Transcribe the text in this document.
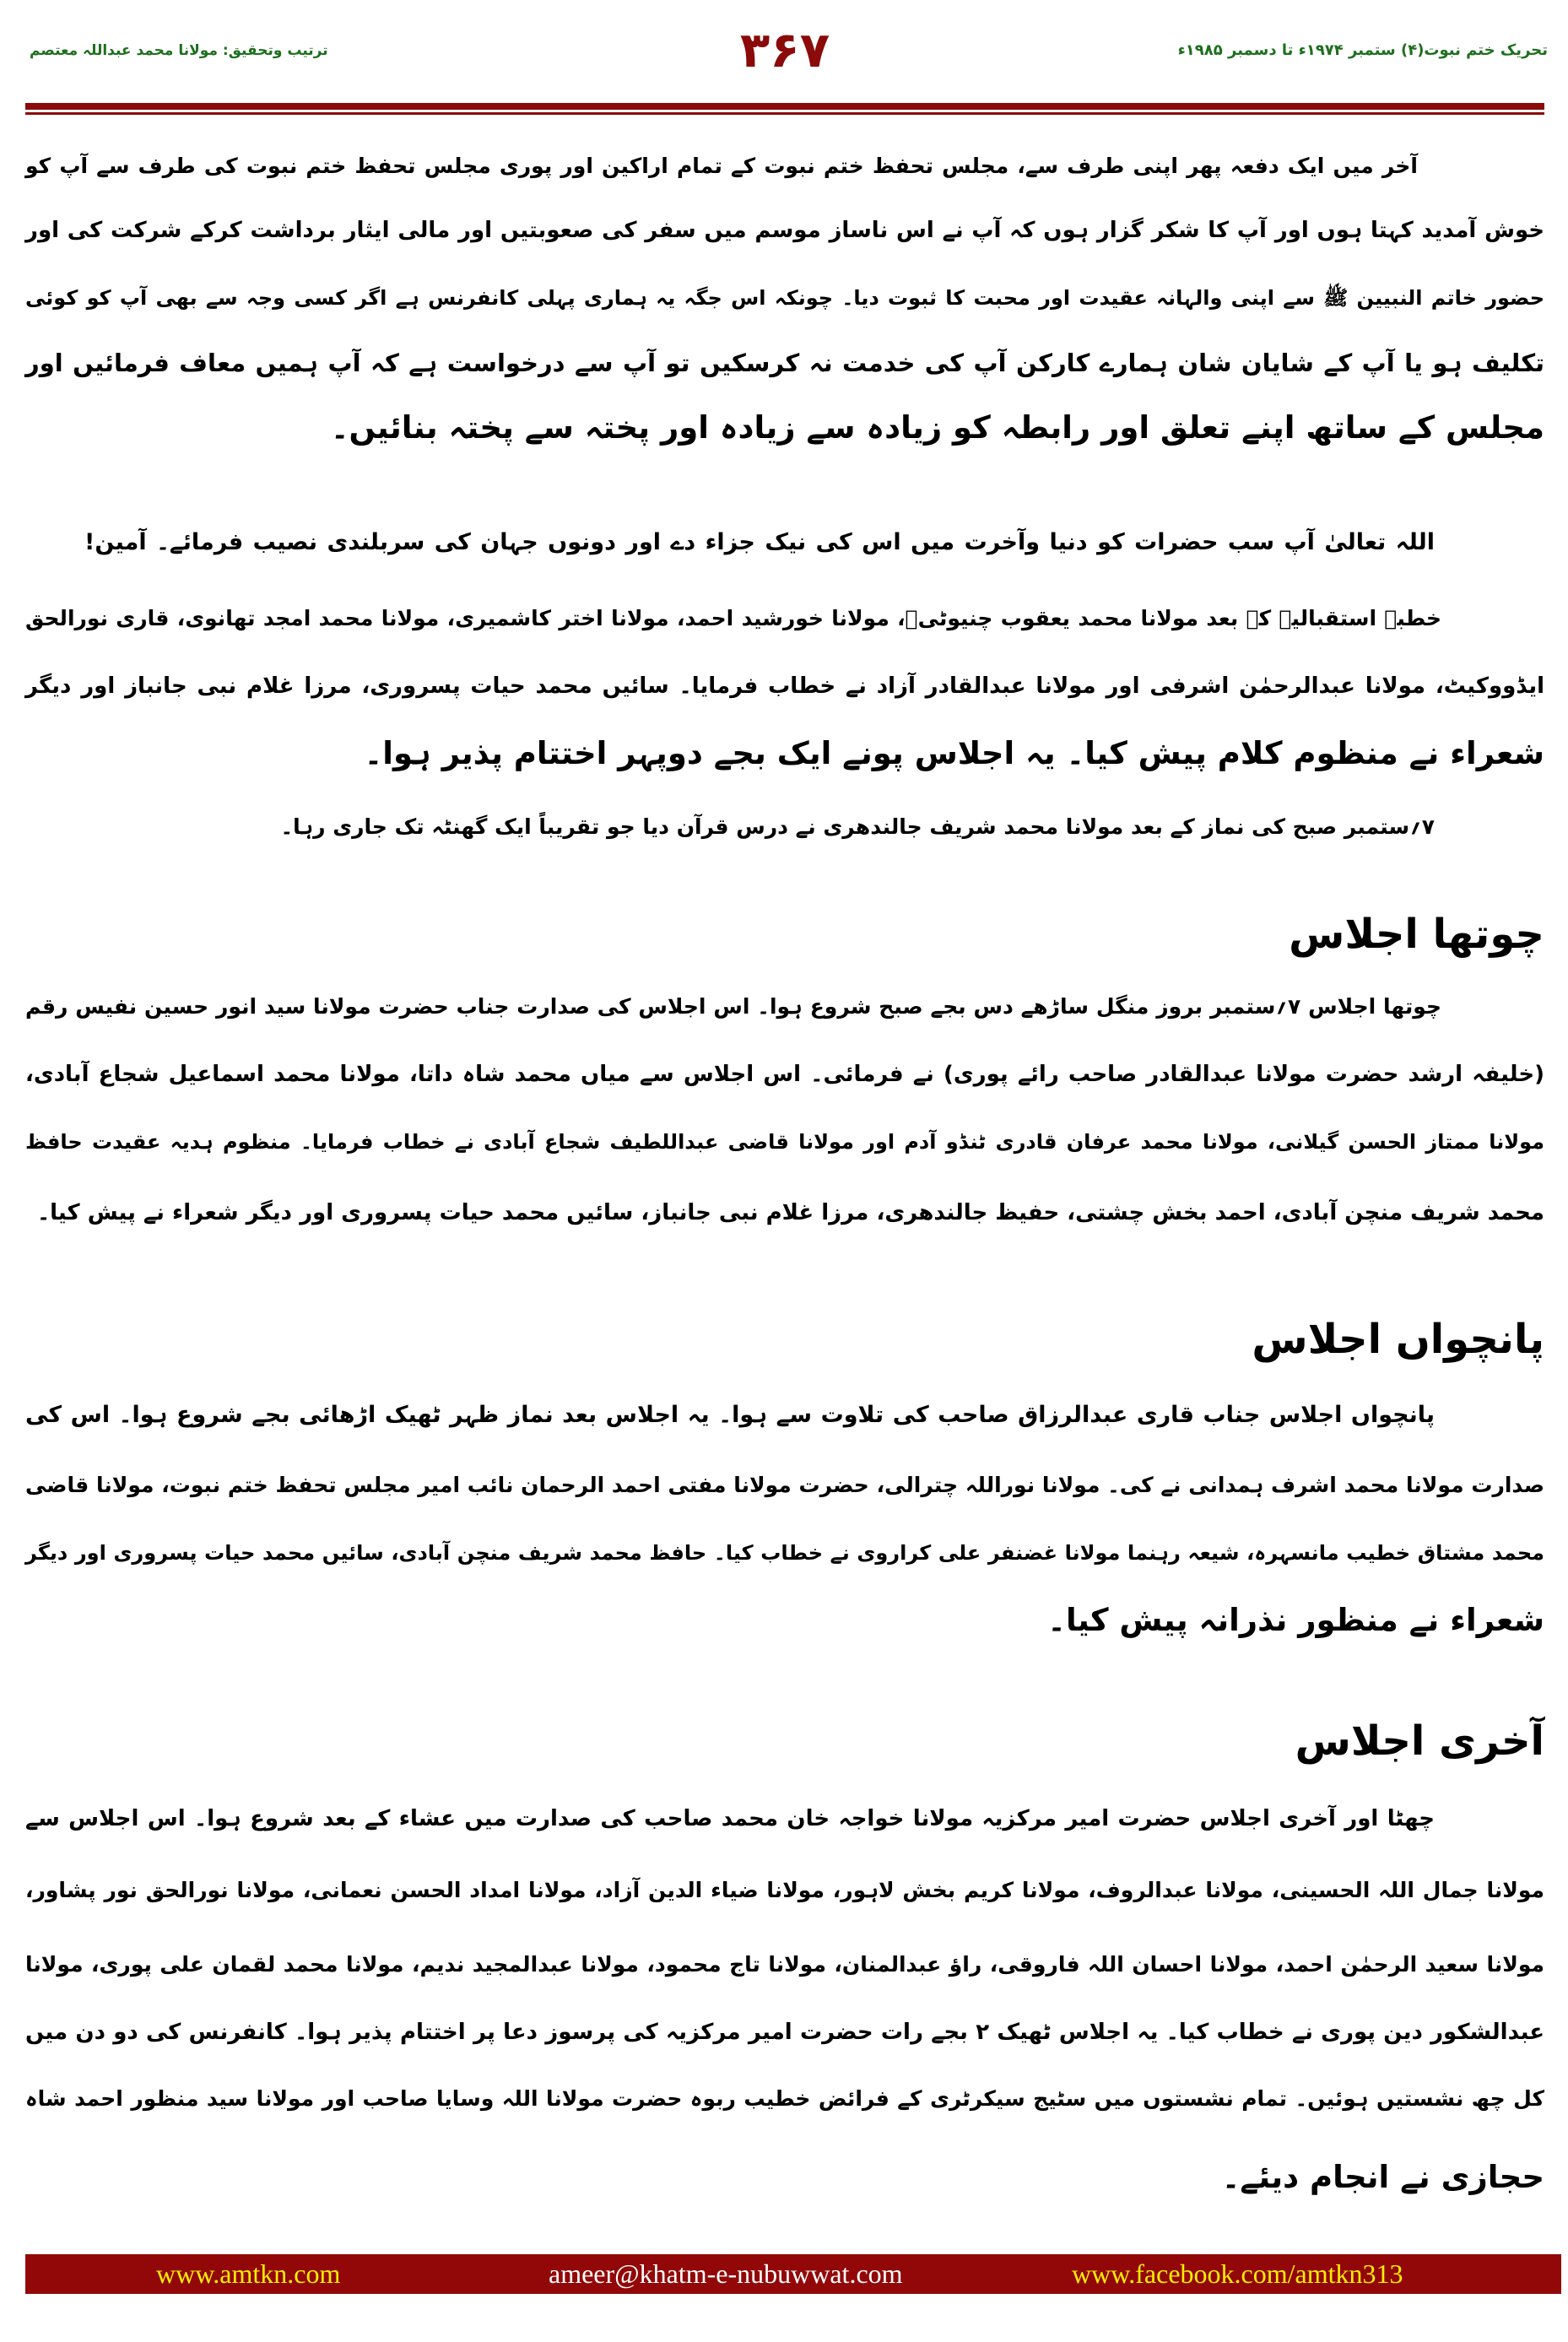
ترتیب وتحقیق: مولانا محمد عبداللہ معتصم	۳۶۷	تحریک ختم نبوت(۴) ستمبر ۱۹۷۴ء تا دسمبر ۱۹۸۵ء
آخر میں ایک دفعہ پھر اپنی طرف سے، مجلس تحفظ ختم نبوت کے تمام اراکین اور پوری مجلس تحفظ ختم نبوت کی طرف سے آپ کو
خوش آمدید کہتا ہوں اور آپ کا شکر گزار ہوں کہ آپ نے اس ناساز موسم میں سفر کی صعوبتیں اور مالی ایثار برداشت کرکے شرکت کی اور
حضور خاتم النبیین ﷺ سے اپنی والہانہ عقیدت اور محبت کا ثبوت دیا۔ چونکہ اس جگہ یہ ہماری پہلی کانفرنس ہے اگر کسی وجہ سے بھی آپ کو کوئی
تکلیف ہو یا آپ کے شایان شان ہمارے کارکن آپ کی خدمت نہ کرسکیں تو آپ سے درخواست ہے کہ آپ ہمیں معاف فرمائیں اور
مجلس کے ساتھ اپنے تعلق اور رابطہ کو زیادہ سے زیادہ اور پختہ سے پختہ بنائیں۔
اللہ تعالیٰ آپ سب حضرات کو دنیا وآخرت میں اس کی نیک جزاء دے اور دونوں جہان کی سربلندی نصیب فرمائے۔ آمین!
خطبہ استقبالیہ کے بعد مولانا محمد یعقوب چنیوٹیؒ، مولانا خورشید احمد، مولانا اختر کاشمیری، مولانا محمد امجد تھانوی، قاری نورالحق
ایڈووکیٹ، مولانا عبدالرحمٰن اشرفی اور مولانا عبدالقادر آزاد نے خطاب فرمایا۔ سائیں محمد حیات پسروری، مرزا غلام نبی جانباز اور دیگر
شعراء نے منظوم کلام پیش کیا۔ یہ اجلاس پونے ایک بجے دوپہر اختتام پذیر ہوا۔
۷؍ستمبر صبح کی نماز کے بعد مولانا محمد شریف جالندھری نے درس قرآن دیا جو تقریباً ایک گھنٹہ تک جاری رہا۔
چوتھا اجلاس
چوتھا اجلاس ۷؍ستمبر بروز منگل ساڑھے دس بجے صبح شروع ہوا۔ اس اجلاس کی صدارت جناب حضرت مولانا سید انور حسین نفیس رقم
(خلیفہ ارشد حضرت مولانا عبدالقادر صاحب رائے پوری) نے فرمائی۔ اس اجلاس سے میاں محمد شاہ داتا، مولانا محمد اسماعیل شجاع آبادی،
مولانا ممتاز الحسن گیلانی، مولانا محمد عرفان قادری ٹنڈو آدم اور مولانا قاضی عبداللطیف شجاع آبادی نے خطاب فرمایا۔ منظوم ہدیہ عقیدت حافظ
محمد شریف منچن آبادی، احمد بخش چشتی، حفیظ جالندھری، مرزا غلام نبی جانباز، سائیں محمد حیات پسروری اور دیگر شعراء نے پیش کیا۔
پانچواں اجلاس
پانچواں اجلاس جناب قاری عبدالرزاق صاحب کی تلاوت سے ہوا۔ یہ اجلاس بعد نماز ظہر ٹھیک اڑھائی بجے شروع ہوا۔ اس کی
صدارت مولانا محمد اشرف ہمدانی نے کی۔ مولانا نوراللہ چترالی، حضرت مولانا مفتی احمد الرحمان نائب امیر مجلس تحفظ ختم نبوت، مولانا قاضی
محمد مشتاق خطیب مانسہرہ، شیعہ رہنما مولانا غضنفر علی کراروی نے خطاب کیا۔ حافظ محمد شریف منچن آبادی، سائیں محمد حیات پسروری اور دیگر
شعراء نے منظور نذرانہ پیش کیا۔
آخری اجلاس
چھٹا اور آخری اجلاس حضرت امیر مرکزیہ مولانا خواجہ خان محمد صاحب کی صدارت میں عشاء کے بعد شروع ہوا۔ اس اجلاس سے
مولانا جمال اللہ الحسینی، مولانا عبدالروف، مولانا کریم بخش لاہور، مولانا ضیاء الدین آزاد، مولانا امداد الحسن نعمانی، مولانا نورالحق نور پشاور،
مولانا سعید الرحمٰن احمد، مولانا احسان اللہ فاروقی، راؤ عبدالمنان، مولانا تاج محمود، مولانا عبدالمجید ندیم، مولانا محمد لقمان علی پوری، مولانا
عبدالشکور دین پوری نے خطاب کیا۔ یہ اجلاس ٹھیک ۲ بجے رات حضرت امیر مرکزیہ کی پرسوز دعا پر اختتام پذیر ہوا۔ کانفرنس کی دو دن میں
کل چھ نشستیں ہوئیں۔ تمام نشستوں میں سٹیج سیکرٹری کے فرائض خطیب ربوہ حضرت مولانا اللہ وسایا صاحب اور مولانا سید منظور احمد شاہ
حجازی نے انجام دیئے۔
www.amtkn.com	ameer@khatm-e-nubuwwat.com	www.facebook.com/amtkn313
